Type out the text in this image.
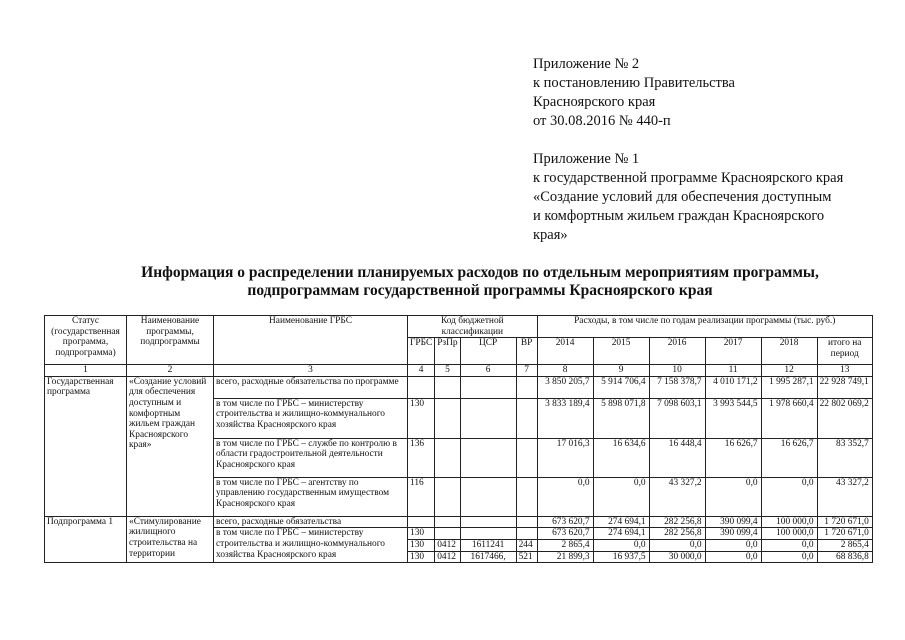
Приложение № 2
к постановлению Правительства
Красноярского края
от 30.08.2016 № 440-п
Приложение № 1
к государственной программе Красноярского края
«Создание условий для обеспечения доступным
и комфортным жильем граждан Красноярского
края»
Информация о распределении планируемых расходов по отдельным мероприятиям программы,
подпрограммам государственной программы Красноярского края
Статус (государственная программа, подпрограмма)	Наименование программы, подпрограммы	Наименование ГРБС	Код бюджетной классификации				Расходы, в том числе по годам реализации программы (тыс. руб.)					
			ГРБС	РзПр	ЦСР	ВР	2014	2015	2016	2017	2018	итого на период
1	2	3	4	5	6	7	8	9	10	11	12	13
Государственная программа	«Создание условий для обеспечения доступным и комфортным жильем граждан Красноярского края»	всего, расходные обязательства по программе					3 850 205,7	5 914 706,4	7 158 378,7	4 010 171,2	1 995 287,1	22 928 749,1
		в том числе по ГРБС – министерству строительства и жилищно-коммунального хозяйства Красноярского края	130				3 833 189,4	5 898 071,8	7 098 603,1	3 993 544,5	1 978 660,4	22 802 069,2
		в том числе по ГРБС – службе по контролю в области градостроительной деятельности Красноярского края	136				17 016,3	16 634,6	16 448,4	16 626,7	16 626,7	83 352,7
		в том числе по ГРБС – агентству по управлению государственным имуществом Красноярского края	116				0,0	0,0	43 327,2	0,0	0,0	43 327,2
Подпрограмма 1	«Стимулирование жилищного строительства на территории	всего, расходные обязательства					673 620,7	274 694,1	282 256,8	390 099,4	100 000,0	1 720 671,0
		в том числе по ГРБС – министерству строительства и жилищно-коммунального хозяйства Красноярского края	130				673 620,7	274 694,1	282 256,8	390 099,4	100 000,0	1 720 671,0
			130	0412	1611241	244	2 865,4	0,0	0,0	0,0	0,0	2 865,4
			130	0412	1617466,	521	21 899,3	16 937,5	30 000,0	0,0	0,0	68 836,8
